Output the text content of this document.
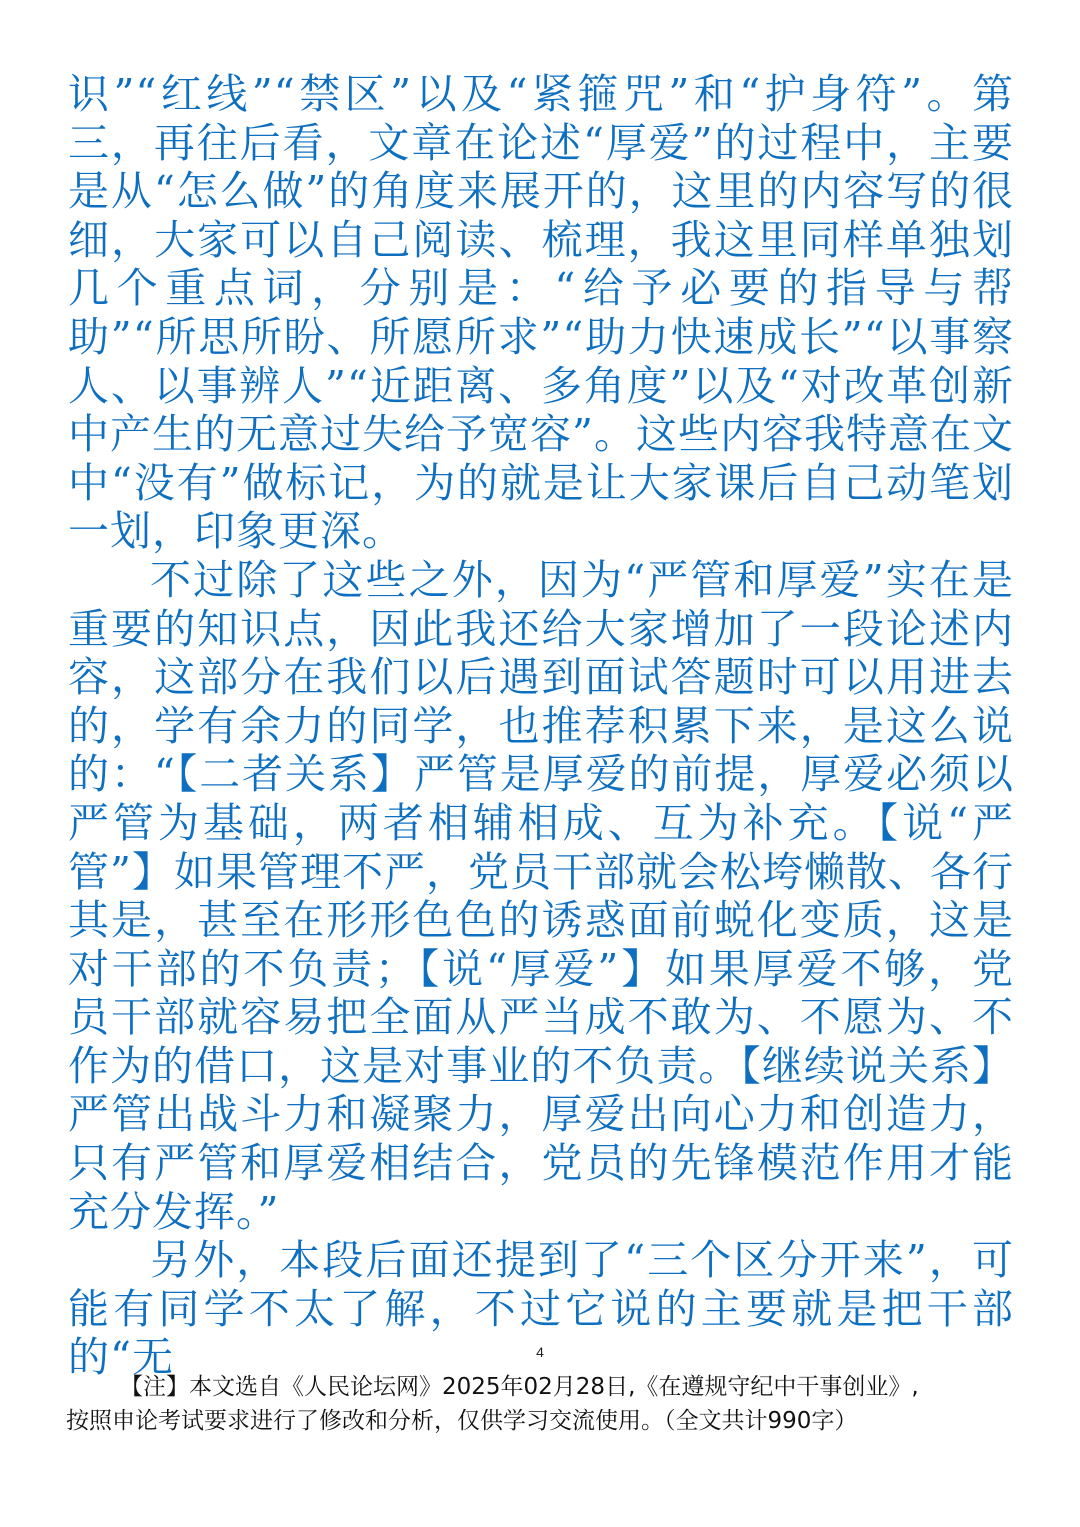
识”“红线”“禁区”以及“紧箍咒”和“护身符”。第三，再往后看，文章在论述“厚爱”的过程中，主要是从“怎么做”的角度来展开的，这里的内容写的很细，大家可以自己阅读、梳理，我这里同样单独划几个重点词，分别是：“给予必要的指导与帮助”“所思所盼、所愿所求”“助力快速成长”“以事察人、以事辨人”“近距离、多角度”以及“对改革创新中产生的无意过失给予宽容”。这些内容我特意在文中“没有”做标记，为的就是让大家课后自己动笔划一划，印象更深。

不过除了这些之外，因为“严管和厚爱”实在是重要的知识点，因此我还给大家增加了一段论述内容，这部分在我们以后遇到面试答题时可以用进去的，学有余力的同学，也推荐积累下来，是这么说的：“【二者关系】严管是厚爱的前提，厚爱必须以严管为基础，两者相辅相成、互为补充。【说“严管”】如果管理不严，党员干部就会松垮懒散、各行其是，甚至在形形色色的诱惑面前蜕化变质，这是对干部的不负责；【说“厚爱”】如果厚爱不够，党员干部就容易把全面从严当成不敢为、不愿为、不作为的借口，这是对事业的不负责。【继续说关系】严管出战斗力和凝聚力，厚爱出向心力和创造力，只有严管和厚爱相结合，党员的先锋模范作用才能充分发挥。”

另外，本段后面还提到了“三个区分开来”，可能有同学不太了解，不过它说的主要就是把干部的“无	4

【注】本文选自《人民论坛网》2025年02月28日,《在遵规守纪中干事创业》,

按照申论考试要求进行了修改和分析，仅供学习交流使用。（全文共计990字）
